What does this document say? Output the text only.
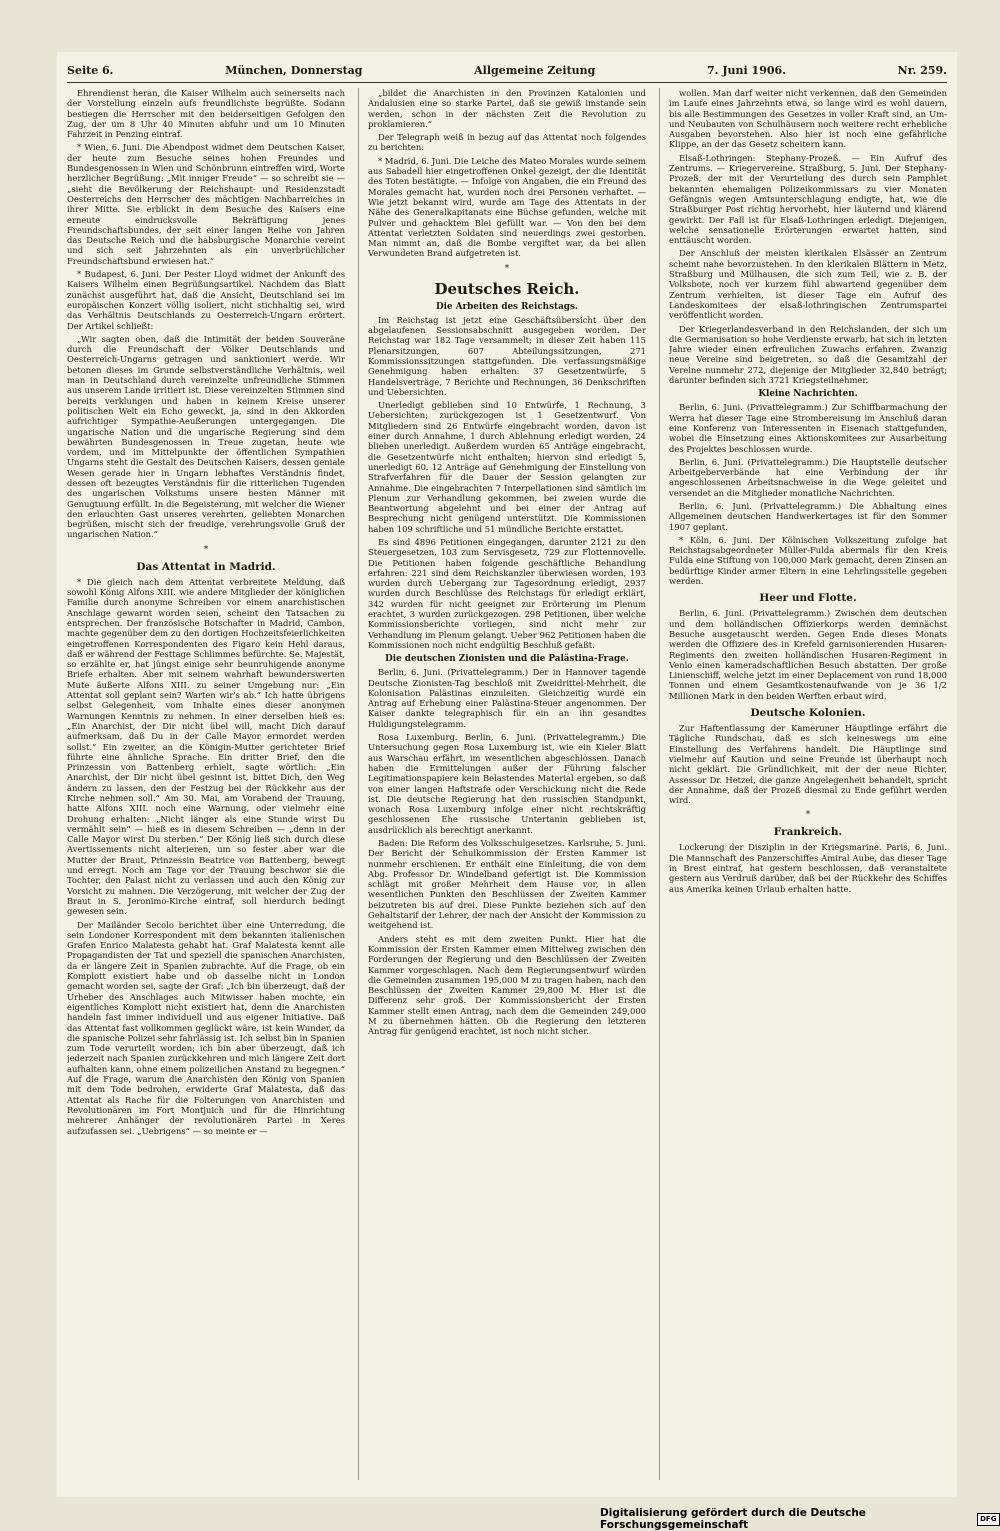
Seite 6.	München, Donnerstag	Allgemeine Zeitung	7. Juni 1906.	Nr. 259.

Ehrendienst heran, die Kaiser Wilhelm auch seinerseits nach der Vorstellung einzeln aufs freundlichste begrüßte. Sodann bestiegen die Herrscher mit den beiderseitigen Gefolgen den Zug, der um 8 Uhr 40 Minuten abfuhr und um 10 Minuten Fahrzeit in Penzing eintraf.

* Wien, 6. Juni. Die Abendpost widmet dem Deutschen Kaiser, der heute zum Besuche seines hohen Freundes und Bundesgenossen in Wien und Schönbrunn eintreffen wird, Worte herzlicher Begrüßung: „Mit inniger Freude“ — so schreibt sie — „sieht die Bevölkerung der Reichshaupt- und Residenzstadt Oesterreichs den Herrscher des mächtigen Nachbarreiches in ihrer Mitte. Sie erblickt in dem Besuche des Kaisers eine erneute eindrucksvolle Bekräftigung jenes Freundschaftsbundes, der seit einer langen Reihe von Jahren das Deutsche Reich und die habsburgische Monarchie vereint und sich seit Jahrzehnten als ein unverbrüchlicher Freundschaftsbund erwiesen hat.“

* Budapest, 6. Juni. Der Pester Lloyd widmet der Ankunft des Kaisers Wilhelm einen Begrüßungsartikel. Nachdem das Blatt zunächst ausgeführt hat, daß die Ansicht, Deutschland sei im europäischen Konzert völlig isoliert, nicht stichhaltig sei, wird das Verhältnis Deutschlands zu Oesterreich-Ungarn erörtert. Der Artikel schließt:

„Wir sagten oben, daß die Intimität der beiden Souveräne durch die Freundschaft der Völker Deutschlands und Oesterreich-Ungarns getragen und sanktioniert werde. Wir betonen dieses im Grunde selbstverständliche Verhältnis, weil man in Deutschland durch vereinzelte unfreundliche Stimmen aus unserem Lande irritiert ist. Diese vereinzelten Stimmen sind bereits verklungen und haben in keinem Kreise unserer politischen Welt ein Echo geweckt, ja, sind in den Akkorden aufrichtiger Sympathie-Aeußerungen untergegangen. Die ungarische Nation und die ungarische Regierung sind dem bewährten Bundesgenossen in Treue zugetan, heute wie vordem, und im Mittelpunkte der öffentlichen Sympathien Ungarns steht die Gestalt des Deutschen Kaisers, dessen geniale Wesen gerade hier in Ungarn lebhaftes Verständnis findet, dessen oft bezeugtes Verständnis für die ritterlichen Tugenden des ungarischen Volkstums unsere besten Männer mit Genugtuung erfüllt. In die Begeisterung, mit welcher die Wiener den erlauchten Gast unseres verehrten, geliebten Monarchen begrüßen, mischt sich der freudige, verehrungsvolle Gruß der ungarischen Nation.“

*
Das Attentat in Madrid.

* Die gleich nach dem Attentat verbreitete Meldung, daß sowohl König Alfons XIII. wie andere Mitglieder der königlichen Familie durch anonyme Schreiben vor einem anarchistischen Anschlage gewarnt worden seien, scheint den Tatsachen zu entsprechen. Der französische Botschafter in Madrid, Cambon, machte gegenüber dem zu den dortigen Hochzeitsfeierlichkeiten eingetroffenen Korrespondenten des Figaro kein Hehl daraus, daß er während der Festtage Schlimmes befürchte. Se. Majestät, so erzählte er, hat jüngst einige sehr beunruhigende anonyme Briefe erhalten. Aber mit seinem wahrhaft bewunderswerten Mute äußerte Alfons XIII. zu seiner Umgebung nur: „Ein Attentat soll geplant sein? Warten wir's ab.“ Ich hatte übrigens selbst Gelegenheit, vom Inhalte eines dieser anonymen Warnungen Kenntnis zu nehmen. In einer derselben hieß es: „Ein Anarchist, der Dir nicht übel will, macht Dich darauf aufmerksam, daß Du in der Calle Mayor ermordet werden sollst.“ Ein zweiter, an die Königin-Mutter gerichteter Brief führte eine ähnliche Sprache. Ein dritter Brief, den die Prinzessin von Battenberg erhielt, sagte wörtlich: „Ein Anarchist, der Dir nicht übel gesinnt ist, bittet Dich, den Weg ändern zu lassen, den der Festzug bei der Rückkehr aus der Kirche nehmen soll.“ Am 30. Mai, am Vorabend der Trauung, hatte Alfons XIII. noch eine Warnung, oder vielmehr eine Drohung erhalten: „Nicht länger als eine Stunde wirst Du vermählt sein“ — hieß es in diesem Schreiben — „denn in der Calle Mayor wirst Du sterben.“ Der König ließ sich durch diese Avertissements nicht alterieren, um so fester aber war die Mutter der Braut, Prinzessin Beatrice von Battenberg, bewegt und erregt. Noch am Tage vor der Trauung beschwor sie die Tochter, den Palast nicht zu verlassen und auch den König zur Vorsicht zu mahnen. Die Verzögerung, mit welcher der Zug der Braut in S. Jeronimo-Kirche eintraf, soll hierdurch bedingt gewesen sein.

Der Mailänder Secolo berichtet über eine Unterredung, die sein Londoner Korrespondent mit dem bekannten italienischen Grafen Enrico Malatesta gehabt hat. Graf Malatesta kennt alle Propagandisten der Tat und speziell die spanischen Anarchisten, da er längere Zeit in Spanien zubrachte. Auf die Frage, ob ein Komplott existiert habe und ob dasselbe nicht in London gemacht worden sei, sagte der Graf: „Ich bin überzeugt, daß der Urheber des Anschlages auch Mitwisser haben mochte, ein eigentliches Komplott nicht existiert hat, denn die Anarchisten handeln fast immer individuell und aus eigener Initiative. Daß das Attentat fast vollkommen geglückt wäre, ist kein Wunder, da die spanische Polizei sehr fahrlässig ist. Ich selbst bin in Spanien zum Tode verurteilt worden; ich bin aber überzeugt, daß ich jederzeit nach Spanien zurückkehren und mich längere Zeit dort aufhalten kann, ohne einem polizeilichen Anstand zu begegnen.“ Auf die Frage, warum die Anarchisten den König von Spanien mit dem Tode bedrohen, erwiderte Graf Malatesta, daß das Attentat als Rache für die Folterungen von Anarchisten und Revolutionären im Fort Montjuich und für die Hinrichtung mehrerer Anhänger der revolutionären Partei in Xeres aufzufassen sei. „Uebrigens“ — so meinte er —

„bildet die Anarchisten in den Provinzen Katalonien und Andalusien eine so starke Partei, daß sie gewiß imstande sein werden, schon in der nächsten Zeit die Revolution zu proklamieren.“

Der Telegraph weiß in bezug auf das Attentat noch folgendes zu berichten:

* Madrid, 6. Juni. Die Leiche des Mateo Morales wurde seinem aus Sabadell hier eingetroffenen Onkel gezeigt, der die Identität des Toten bestätigte. — Infolge von Angaben, die ein Freund des Morales gemacht hat, wurden noch drei Personen verhaftet. — Wie jetzt bekannt wird, wurde am Tage des Attentats in der Nähe des Generalkapitanats eine Büchse gefunden, welche mit Pulver und gehacktem Blei gefüllt war. — Von den bei dem Attentat verletzten Soldaten sind neuerdings zwei gestorben. Man nimmt an, daß die Bombe vergiftet war, da bei allen Verwundeten Brand aufgetreten ist.

*
Deutsches Reich.
Die Arbeiten des Reichstags.

Im Reichstag ist jetzt eine Geschäftsübersicht über den abgelaufenen Sessionsabschnitt ausgegeben worden. Der Reichstag war 182 Tage versammelt; in dieser Zeit haben 115 Plenarsitzungen, 607 Abteilungssitzungen, 271 Kommissionssitzungen stattgefunden. Die verfassungsmäßige Genehmigung haben erhalten: 37 Gesetzentwürfe, 5 Handelsverträge, 7 Berichte und Rechnungen, 36 Denkschriften und Uebersichten.

Unerledigt geblieben sind 10 Entwürfe, 1 Rechnung, 3 Uebersichten; zurückgezogen ist 1 Gesetzentwurf. Von Mitgliedern sind 26 Entwürfe eingebracht worden, davon ist einer durch Annahme, 1 durch Ablehnung erledigt worden, 24 blieben unerledigt. Außerdem wurden 65 Anträge eingebracht, die Gesetzentwürfe nicht enthalten; hiervon sind erledigt 5, unerledigt 60. 12 Anträge auf Genehmigung der Einstellung von Strafverfahren für die Dauer der Session gelangten zur Annahme. Die eingebrachten 7 Interpellationen sind sämtlich im Plenum zur Verhandlung gekommen, bei zweien wurde die Beantwortung abgelehnt und bei einer der Antrag auf Besprechung nicht genügend unterstützt. Die Kommissionen haben 109 schriftliche und 51 mündliche Berichte erstattet.

Es sind 4896 Petitionen eingegangen, darunter 2121 zu den Steuergesetzen, 103 zum Servisgesetz, 729 zur Flottennovelle. Die Petitionen haben folgende geschäftliche Behandlung erfahren: 221 sind dem Reichskanzler überwiesen worden, 193 wurden durch Uebergang zur Tagesordnung erledigt, 2937 wurden durch Beschlüsse des Reichstags für erledigt erklärt, 342 wurden für nicht geeignet zur Erörterung im Plenum erachtet, 3 wurden zurückgezogen. 298 Petitionen, über welche Kommissionsberichte vorliegen, sind nicht mehr zur Verhandlung im Plenum gelangt. Ueber 962 Petitionen haben die Kommissionen noch nicht endgültig Beschluß gefaßt.

Die deutschen Zionisten und die Palästina-Frage.

Berlin, 6. Juni. (Privattelegramm.) Der in Hannover tagende Deutsche Zionisten-Tag beschloß mit Zweidrittel-Mehrheit, die Kolonisation Palästinas einzuleiten. Gleichzeitig wurde ein Antrag auf Erhebung einer Palästina-Steuer angenommen. Der Kaiser dankte telegraphisch für ein an ihn gesandtes Huldigungstelegramm.

Rosa Luxemburg. Berlin, 6. Juni. (Privattelegramm.) Die Untersuchung gegen Rosa Luxemburg ist, wie ein Kieler Blatt aus Warschau erfährt, im wesentlichen abgeschlossen. Danach haben die Ermittelungen außer der Führung falscher Legitimationspapiere kein Belastendes Material ergeben, so daß von einer langen Haftstrafe oder Verschickung nicht die Rede ist. Die deutsche Regierung hat den russischen Standpunkt, wonach Rosa Luxemburg infolge einer nicht rechtskräftig geschlossenen Ehe russische Untertanin geblieben ist, ausdrücklich als berechtigt anerkannt.

Baden: Die Reform des Volksschulgesetzes. Karlsruhe, 5. Juni. Der Bericht der Schulkommission der Ersten Kammer ist nunmehr erschienen. Er enthält eine Einleitung, die von dem Abg. Professor Dr. Windelband gefertigt ist. Die Kommission schlägt mit großer Mehrheit dem Hause vor, in allen wesentlichen Punkten den Beschlüssen der Zweiten Kammer beizutreten bis auf drei. Diese Punkte beziehen sich auf den Gehaltstarif der Lehrer, der nach der Ansicht der Kommission zu weitgehend ist.

Anders steht es mit dem zweiten Punkt. Hier hat die Kommission der Ersten Kammer einen Mittelweg zwischen den Forderungen der Regierung und den Beschlüssen der Zweiten Kammer vorgeschlagen. Nach dem Regierungsentwurf würden die Gemeinden zusammen 195,000 M zu tragen haben, nach den Beschlüssen der Zweiten Kammer 29,800 M. Hier ist die Differenz sehr groß. Der Kommissionsbericht der Ersten Kammer stellt einen Antrag, nach dem die Gemeinden 249,000 M zu übernehmen hätten. Ob die Regierung den letzteren Antrag für genügend erachtet, ist noch nicht sicher.

wollen. Man darf weiter nicht verkennen, daß den Gemeinden im Laufe eines Jahrzehnts etwa, so lange wird es wohl dauern, bis alle Bestimmungen des Gesetzes in voller Kraft sind, an Um- und Neubauten von Schulhäusern noch weitere recht erhebliche Ausgaben bevorstehen. Also hier ist noch eine gefährliche Klippe, an der das Gesetz scheitern kann.

Elsaß-Lothringen: Stephany-Prozeß. — Ein Aufruf des Zentrums. — Kriegervereine. Straßburg, 5. Juni. Der Stephany-Prozeß, der mit der Verurteilung des durch sein Pamphlet bekannten ehemaligen Polizeikommissars zu vier Monaten Gefängnis wegen Amtsunterschlagung endigte, hat, wie die Straßburger Post richtig hervorhebt, hier läuternd und klärend gewirkt. Der Fall ist für Elsaß-Lothringen erledigt. Diejenigen, welche sensationelle Erörterungen erwartet hatten, sind enttäuscht worden.

Der Anschluß der meisten klerikalen Elsässer an Zentrum scheint nahe bevorzustehen. In den klerikalen Blättern in Metz, Straßburg und Mülhausen, die sich zum Teil, wie z. B. der Volksbote, noch vor kurzem fühl abwartend gegenüber dem Zentrum verhielten, ist dieser Tage ein Aufruf des Landeskomitees der elsaß-lothringischen Zentrumspartei veröffentlicht worden.

Der Kriegerlandesverband in den Reichslanden, der sich um die Germanisation so hohe Verdienste erwarb, hat sich in letzten Jahre wieder einen erfreulichen Zuwachs erfahren. Zwanzig neue Vereine sind beigetreten, so daß die Gesamtzahl der Vereine nunmehr 272, diejenige der Mitglieder 32,840 beträgt; darunter befinden sich 3721 Kriegsteilnehmer.

Kleine Nachrichten.

Berlin, 6. Juni. (Privattelegramm.) Zur Schiffbarmachung der Werra hat dieser Tage eine Strombereisung im Anschluß daran eine Konferenz von Interessenten in Eisenach stattgefunden, wobei die Einsetzung eines Aktionskomitees zur Ausarbeitung des Projektes beschlossen wurde.

Berlin, 6. Juni. (Privattelegramm.) Die Hauptstelle deutscher Arbeitgeberverbände hat eine Verbindung der ihr angeschlossenen Arbeitsnachweise in die Wege geleitet und versendet an die Mitglieder monatliche Nachrichten.

Berlin, 6. Juni. (Privattelegramm.) Die Abhaltung eines Allgemeinen deutschen Handwerkertages ist für den Sommer 1907 geplant.

* Köln, 6. Juni. Der Kölnischen Volkszeitung zufolge hat Reichstagsabgeordneter Müller-Fulda abermals für den Kreis Fulda eine Stiftung von 100,000 Mark gemacht, deren Zinsen an bedürftige Kinder armer Eltern in eine Lehrlingsstelle gegeben werden.

Heer und Flotte.

Berlin, 6. Juni. (Privattelegramm.) Zwischen dem deutschen und dem holländischen Offizierkorps werden demnächst Besuche ausgetauscht werden. Gegen Ende dieses Monats werden die Offiziere des in Krefeld garnisonierenden Husaren-Regiments den zweiten holländischen Husaren-Regiment in Venlo einen kameradschaftlichen Besuch abstatten. Der große Linienschiff, welche jetzt im einer Deplacement von rund 18,000 Tonnen und einem Gesamtkostenaufwande von je 36 1/2 Millionen Mark in den beiden Werften erbaut wird.

Deutsche Kolonien.

Zur Haftentlassung der Kameruner Häuptlinge erfährt die Tägliche Rundschau, daß es sich keineswegs um eine Einstellung des Verfahrens handelt. Die Häuptlinge sind vielmehr auf Kaution und seine Freunde ist überhaupt noch nicht geklärt. Die Gründlichkeit, mit der der neue Richter, Assessor Dr. Hetzel, die ganze Angelegenheit behandelt, spricht der Annahme, daß der Prozeß diesmal zu Ende geführt werden wird.

*
Frankreich.

Lockerung der Disziplin in der Kriegsmarine. Paris, 6. Juni. Die Mannschaft des Panzerschiffes Amiral Aube, das dieser Tage in Brest eintraf, hat gestern beschlossen, daß veranstaltete gestern aus Verdruß darüber, daß bei der Rückkehr des Schiffes aus Amerika keinen Urlaub erhalten hatte.

Digitalisierung gefördert durch die Deutsche Forschungsgemeinschaft	DFG
